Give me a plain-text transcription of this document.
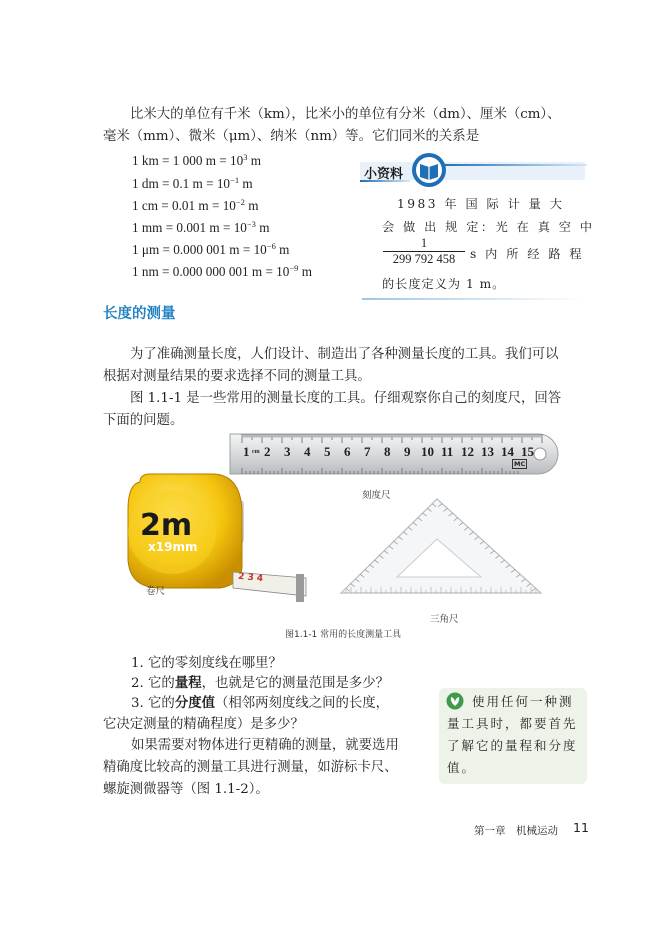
比米大的单位有千米（km），比米小的单位有分米（dm）、厘米（cm）、
毫米（mm）、微米（μm）、纳米（nm）等。它们同米的关系是
1 km = 1 000 $m = 10^3$ m
1 dm = 0.1 $m = 10^{-1}$ m
1 cm = 0.01 $m = 10^{-2}$ m
1 mm = 0.001 $m = 10^{-3}$ m
1 μm = 0.000 001 $m = 10^{-6}$ m
1 nm = 0.000 000 001 $m = 10^{-9}$ m
小资料
1983 年 国 际 计 量 大
会 做 出 规 定：光 在 真 空 中
$\frac{1}{299 792 458}$ s 内 所 经 路 程
的长度定义为 1 m。
长度的测量
为了准确测量长度，人们设计、制造出了各种测量长度的工具。我们可以
根据对测量结果的要求选择不同的测量工具。
图 1.1-1 是一些常用的测量长度的工具。仔细观察你自己的刻度尺，回答
下面的问题。
1 cm 2 3 4 5 6 7 8 9 10 11 12 13 14 15
MC
刻度尺
2m
x19mm
2 3 4
卷尺
三角尺
图1.1-1 常用的长度测量工具
1. 它的零刻度线在哪里？
2. 它的量程，也就是它的测量范围是多少？
3. 它的分度值（相邻两刻度线之间的长度，
它决定测量的精确程度）是多少？
如果需要对物体进行更精确的测量，就要选用
精确度比较高的测量工具进行测量，如游标卡尺、
螺旋测微器等（图 1.1-2）。
使用任何一种测
量工具时，都要首先
了解它的量程和分度
值。
第一章　机械运动 11
